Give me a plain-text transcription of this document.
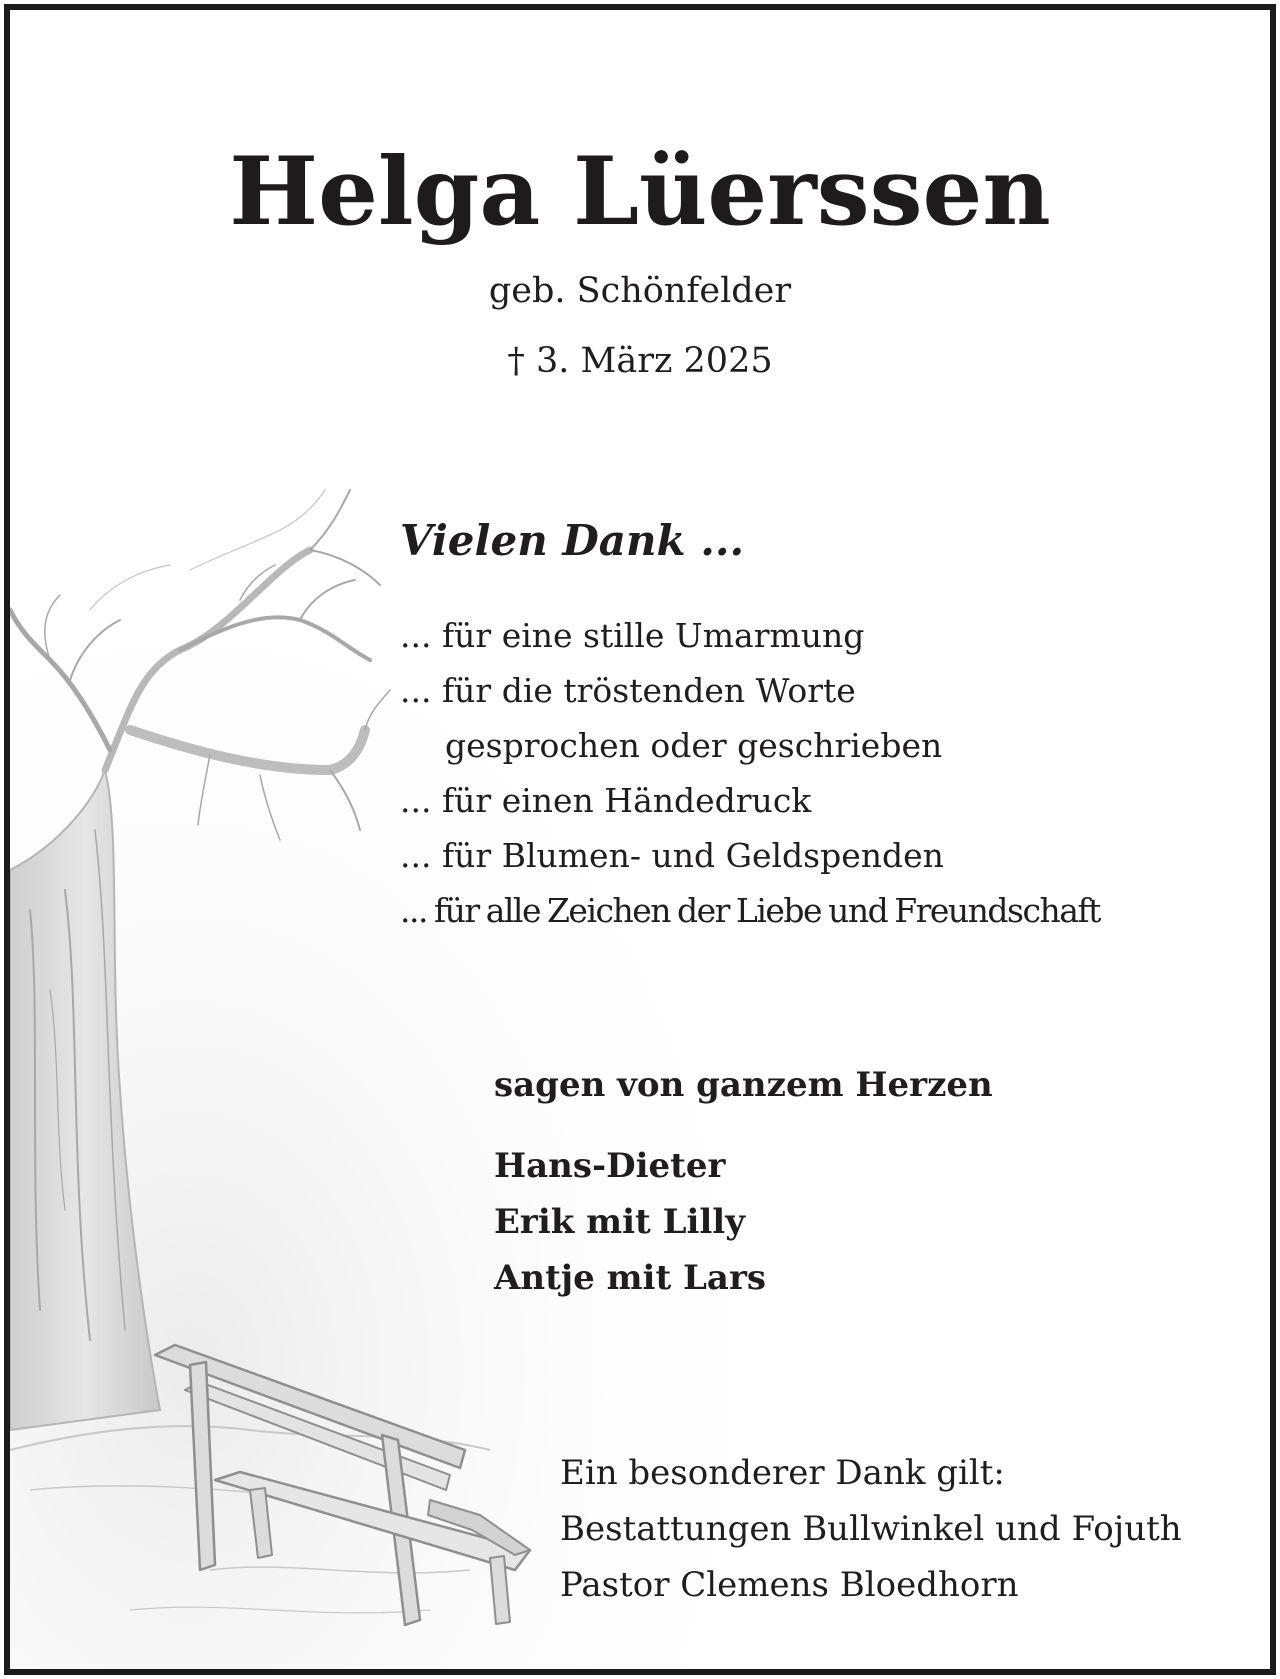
Helga Lüerssen
geb. Schönfelder
† 3. März 2025
Vielen Dank ...
... für eine stille Umarmung
... für die tröstenden Worte
gesprochen oder geschrieben
... für einen Händedruck
... für Blumen- und Geldspenden
... für alle Zeichen der Liebe und Freundschaft
sagen von ganzem Herzen
Hans-Dieter
Erik mit Lilly
Antje mit Lars
Ein besonderer Dank gilt:
Bestattungen Bullwinkel und Fojuth
Pastor Clemens Bloedhorn
